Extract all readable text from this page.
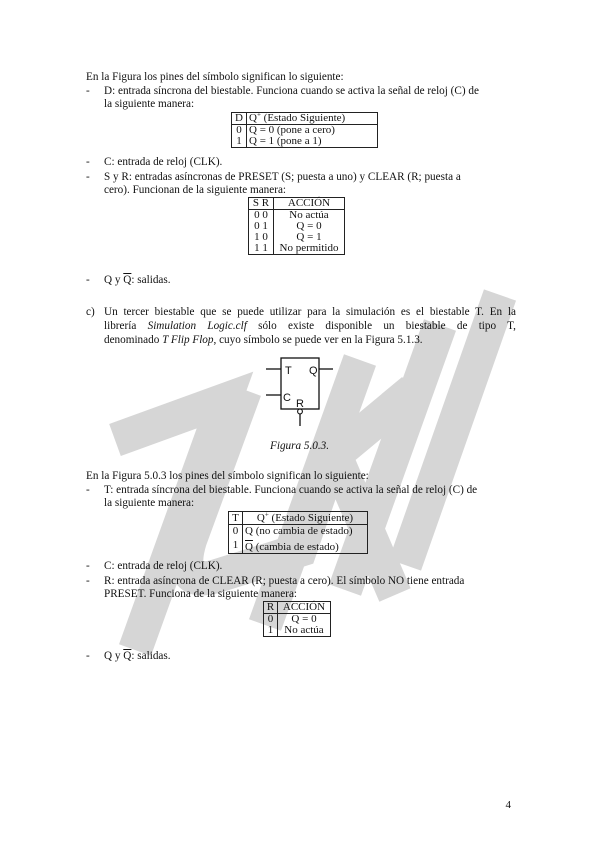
En la Figura los pines del símbolo significan lo siguiente:
- D: entrada síncrona del biestable. Funciona cuando se activa la señal de reloj (C) de
la siguiente manera:
D	Q+ (Estado Siguiente)
0	Q = 0 (pone a cero)
1	Q = 1 (pone a 1)
- C: entrada de reloj (CLK).
- S y R: entradas asíncronas de PRESET (S; puesta a uno) y CLEAR (R; puesta a
cero). Funcionan de la siguiente manera:
S R	ACCIÓN
0 0	No actúa
0 1	Q = 0
1 0	Q = 1
1 1	No permitido
- Q y $\overline{Q}$: salidas.
c) Un tercer biestable que se puede utilizar para la simulación es el biestable T. En la
librería Simulation Logic.clf sólo existe disponible un biestable de tipo T,
denominado T Flip Flop, cuyo símbolo se puede ver en la Figura 5.1.3.
T Q
C R
Figura 5.0.3.
En la Figura 5.0.3 los pines del símbolo significan lo siguiente:
- T: entrada síncrona del biestable. Funciona cuando se activa la señal de reloj (C) de
la siguiente manera:
T	Q+ (Estado Siguiente)
0	Q (no cambia de estado)
1	$\overline{Q}$ (cambia de estado)
- C: entrada de reloj (CLK).
- R: entrada asíncrona de CLEAR (R; puesta a cero). El símbolo NO tiene entrada
PRESET. Funciona de la siguiente manera:
R	ACCIÓN
0	Q = 0
1	No actúa
- Q y $\overline{Q}$: salidas.
4
